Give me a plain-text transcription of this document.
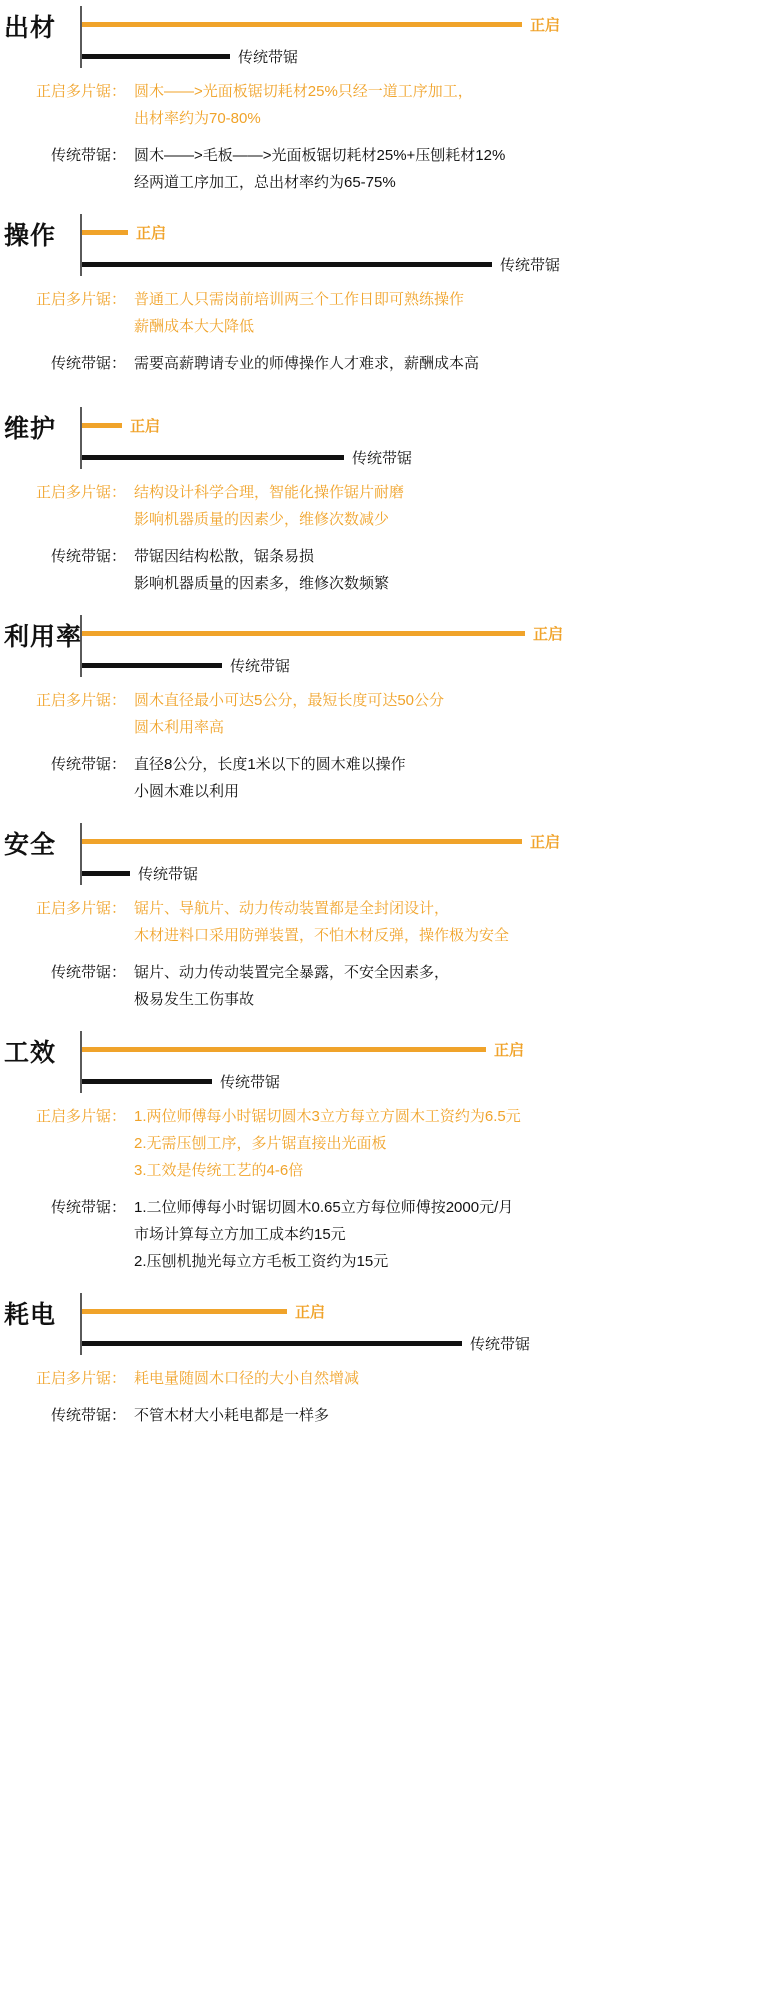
出材	正启
传统带锯
正启多片锯： 圆木——>光面板锯切耗材25%只经一道工序加工，
出材率约为70-80%
传统带锯： 圆木——>毛板——>光面板锯切耗材25%+压刨耗材12%
经两道工序加工，总出材率约为65-75%
操作	正启
传统带锯
正启多片锯： 普通工人只需岗前培训两三个工作日即可熟练操作
薪酬成本大大降低
传统带锯： 需要高薪聘请专业的师傅操作人才难求，薪酬成本高
维护	正启
传统带锯
正启多片锯： 结构设计科学合理，智能化操作锯片耐磨
影响机器质量的因素少，维修次数减少
传统带锯： 带锯因结构松散，锯条易损
影响机器质量的因素多，维修次数频繁
利用率	正启
传统带锯
正启多片锯： 圆木直径最小可达5公分，最短长度可达50公分
圆木利用率高
传统带锯： 直径8公分，长度1米以下的圆木难以操作
小圆木难以利用
安全	正启
传统带锯
正启多片锯： 锯片、导航片、动力传动装置都是全封闭设计，
木材进料口采用防弹装置，不怕木材反弹，操作极为安全
传统带锯： 锯片、动力传动装置完全暴露，不安全因素多，
极易发生工伤事故
工效	正启
传统带锯
正启多片锯： 1.两位师傅每小时锯切圆木3立方每立方圆木工资约为6.5元
2.无需压刨工序，多片锯直接出光面板
3.工效是传统工艺的4-6倍
传统带锯： 1.二位师傅每小时锯切圆木0.65立方每位师傅按2000元/月
市场计算每立方加工成本约15元
2.压刨机抛光每立方毛板工资约为15元
耗电	正启
传统带锯
正启多片锯： 耗电量随圆木口径的大小自然增减
传统带锯： 不管木材大小耗电都是一样多
